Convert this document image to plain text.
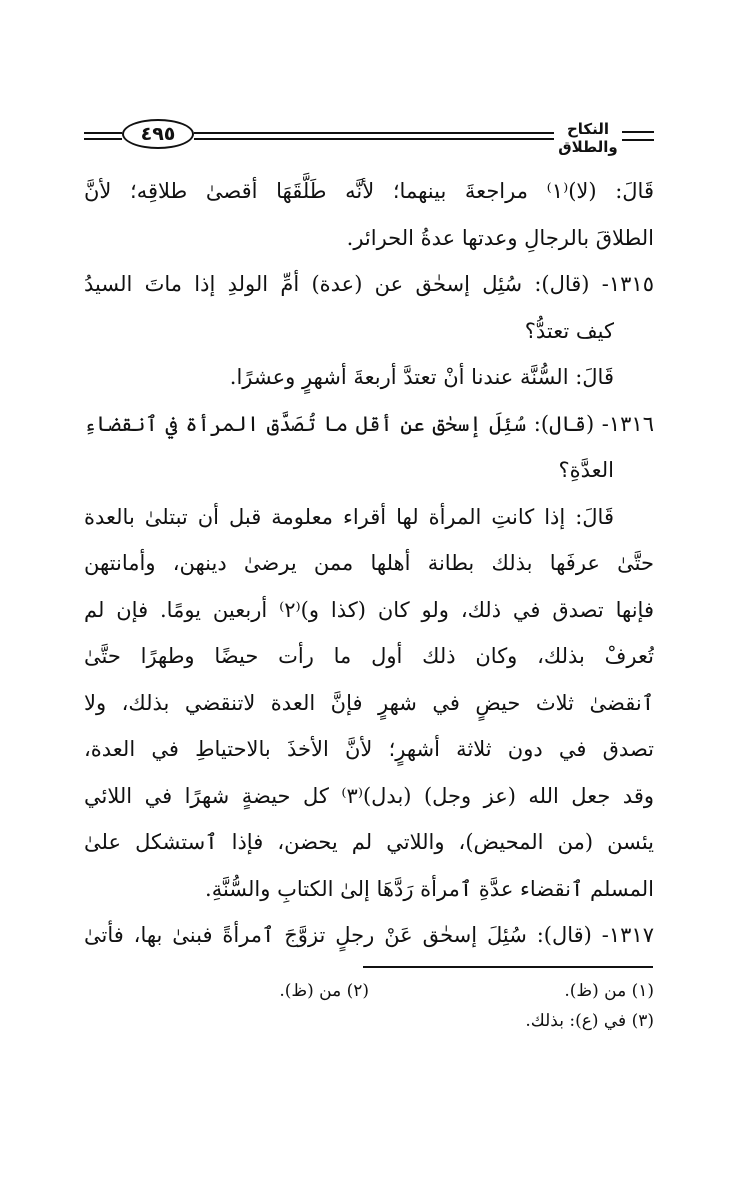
٤٩٥	النكاح والطلاق
قَالَ: (لا)⁽١⁾ مراجعةَ بينهما؛ لأنَّه طَلَّقَهَا أقصىٰ طلاقِه؛ لأنَّ
الطلاقَ بالرجالِ وعدتها عدةُ الحرائر.
١٣١٥- (قال): سُئِل إسحٰق عن (عدة) أمِّ الولدِ إذا ماتَ السيدُ
كيف تعتدُّ؟
قَالَ: السُّنَّة عندنا أنْ تعتدَّ أربعةَ أشهرٍ وعشرًا.
١٣١٦- (قال): سُئِلَ إسحٰق عن أقل ما تُصَدَّق المرأة في ٱنقضاءِ
العدَّةِ؟
قَالَ: إذا كانتِ المرأة لها أقراء معلومة قبل أن تبتلىٰ بالعدة
حتَّىٰ عرفَها بذلك بطانة أهلها ممن يرضىٰ دينهن، وأمانتهن
فإنها تصدق في ذلك، ولو كان (كذا و)⁽٢⁾ أربعين يومًا. فإن لم
تُعرفْ بذلك، وكان ذلك أول ما رأت حيضًا وطهرًا حتَّىٰ
ٱنقضىٰ ثلاث حيضٍ في شهرٍ فإنَّ العدة لاتنقضي بذلك، ولا
تصدق في دون ثلاثة أشهرٍ؛ لأنَّ الأخذَ بالاحتياطِ في العدة،
وقد جعل الله (عز وجل) (بدل)⁽٣⁾ كل حيضةٍ شهرًا في اللائي
يئسن (من المحيض)، واللاتي لم يحضن، فإذا ٱستشكل علىٰ
المسلم ٱنقضاء عدَّةِ ٱمرأة رَدَّهَا إلىٰ الكتابِ والسُّنَّةِ.
١٣١٧- (قال): سُئِلَ إسحٰق عَنْ رجلٍ تزوَّجَ ٱمرأةً فبنىٰ بها، فأتىٰ
(١) من (ظ).
(٢) من (ظ).
(٣) في (ع): بذلك.
